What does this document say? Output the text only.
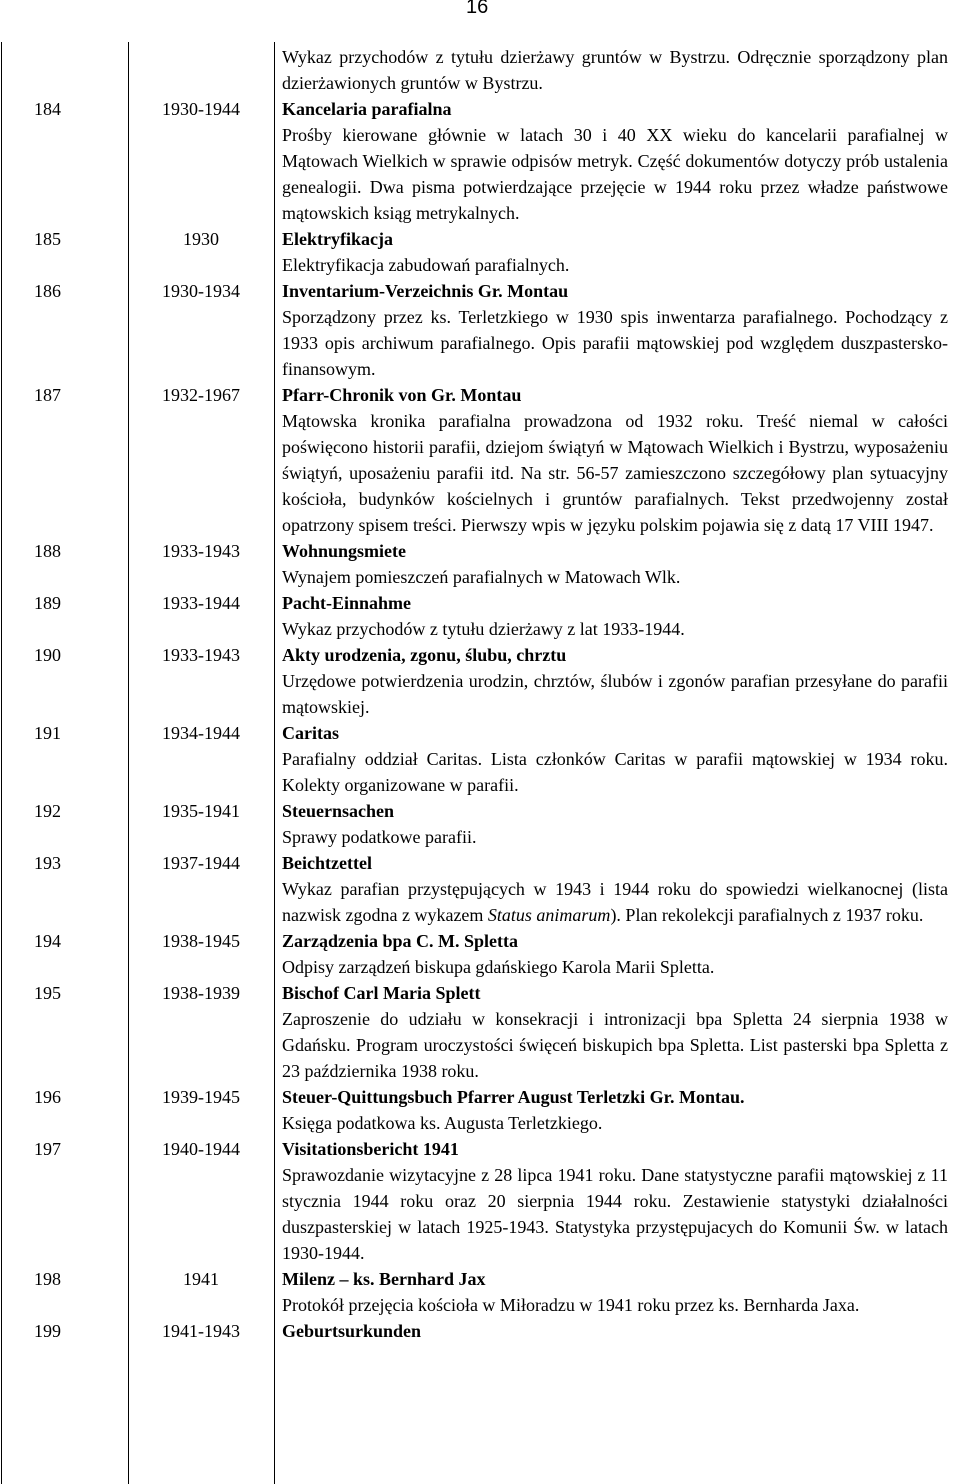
16
Wykaz przychodów z tytułu dzierżawy gruntów w Bystrzu. Odręcznie sporządzony plan dzierżawionych gruntów w Bystrzu.
184	1930-1944	Kancelaria parafialna
Prośby kierowane głównie w latach 30 i 40 XX wieku do kancelarii parafialnej w Mątowach Wielkich w sprawie odpisów metryk. Część dokumentów dotyczy prób ustalenia genealogii. Dwa pisma potwierdzające przejęcie w 1944 roku przez władze państwowe mątowskich ksiąg metrykalnych.
185	1930	Elektryfikacja
Elektryfikacja zabudowań parafialnych.
186	1930-1934	Inventarium-Verzeichnis Gr. Montau
Sporządzony przez ks. Terletzkiego w 1930 spis inwentarza parafialnego. Pochodzący z 1933 opis archiwum parafialnego. Opis parafii mątowskiej pod względem duszpastersko-finansowym.
187	1932-1967	Pfarr-Chronik von Gr. Montau
Mątowska kronika parafialna prowadzona od 1932 roku. Treść niemal w całości poświęcono historii parafii, dziejom świątyń w Mątowach Wielkich i Bystrzu, wyposażeniu świątyń, uposażeniu parafii itd. Na str. 56-57 zamieszczono szczegółowy plan sytuacyjny kościoła, budynków kościelnych i gruntów parafialnych. Tekst przedwojenny został opatrzony spisem treści. Pierwszy wpis w języku polskim pojawia się z datą 17 VIII 1947.
188	1933-1943	Wohnungsmiete
Wynajem pomieszczeń parafialnych w Matowach Wlk.
189	1933-1944	Pacht-Einnahme
Wykaz przychodów z tytułu dzierżawy z lat 1933-1944.
190	1933-1943	Akty urodzenia, zgonu, ślubu, chrztu
Urzędowe potwierdzenia urodzin, chrztów, ślubów i zgonów parafian przesyłane do parafii mątowskiej.
191	1934-1944	Caritas
Parafialny oddział Caritas. Lista członków Caritas w parafii mątowskiej w 1934 roku. Kolekty organizowane w parafii.
192	1935-1941	Steuernsachen
Sprawy podatkowe parafii.
193	1937-1944	Beichtzettel
Wykaz parafian przystępujących w 1943 i 1944 roku do spowiedzi wielkanocnej (lista nazwisk zgodna z wykazem Status animarum). Plan rekolekcji parafialnych z 1937 roku.
194	1938-1945	Zarządzenia bpa C. M. Spletta
Odpisy zarządzeń biskupa gdańskiego Karola Marii Spletta.
195	1938-1939	Bischof Carl Maria Splett
Zaproszenie do udziału w konsekracji i intronizacji bpa Spletta 24 sierpnia 1938 w Gdańsku. Program uroczystości święceń biskupich bpa Spletta. List pasterski bpa Spletta z 23 października 1938 roku.
196	1939-1945	Steuer-Quittungsbuch Pfarrer August Terletzki Gr. Montau.
Księga podatkowa ks. Augusta Terletzkiego.
197	1940-1944	Visitationsbericht 1941
Sprawozdanie wizytacyjne z 28 lipca 1941 roku. Dane statystyczne parafii mątowskiej z 11 stycznia 1944 roku oraz 20 sierpnia 1944 roku. Zestawienie statystyki działalności duszpasterskiej w latach 1925-1943. Statystyka przystępujacych do Komunii Św. w latach 1930-1944.
198	1941	Milenz – ks. Bernhard Jax
Protokół przejęcia kościoła w Miłoradzu w 1941 roku przez ks. Bernharda Jaxa.
199	1941-1943	Geburtsurkunden
